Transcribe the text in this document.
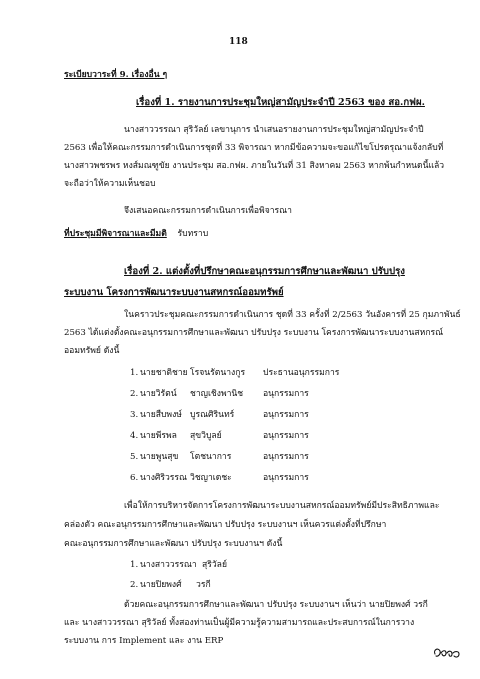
118
ระเบียบวาระที่ 9. เรื่องอื่น ๆ
เรื่องที่ 1. รายงานการประชุมใหญ่สามัญประจำปี 2563 ของ สอ.กฟผ.
นางสาววรรณา สุริวัลย์ เลขานุการ นำเสนอรายงานการประชุมใหญ่สามัญประจำปี
2563 เพื่อให้คณะกรรมการดำเนินการชุดที่ 33 พิจารณา หากมีข้อความจะขอแก้ไขโปรดรุณาแจ้งกลับที่
นางสาวพชรพร หงส์มณฑูขัย งานประชุม สอ.กฟผ. ภายในวันที่ 31 สิงหาคม 2563 หากพ้นกำหนดนี้แล้ว
จะถือว่าให้ความเห็นชอบ
จึงเสนอคณะกรรมการดำเนินการเพื่อพิจารณา
ที่ประชุมมีพิจารณาและมีมติ รับทราบ
เรื่องที่ 2. แต่งตั้งที่ปรึกษาคณะอนุกรรมการศึกษาและพัฒนา ปรับปรุง
ระบบงาน โครงการพัฒนาระบบงานสหกรณ์ออมทรัพย์
ในคราวประชุมคณะกรรมการดำเนินการ ชุดที่ 33 ครั้งที่ 2/2563 วันอังคารที่ 25 กุมภาพันธ์
2563 ได้แต่งตั้งคณะอนุกรรมการศึกษาและพัฒนา ปรับปรุง ระบบงาน โครงการพัฒนาระบบงานสหกรณ์
ออมทรัพย์ ดังนี้
1. นายชาติชาย โรจนรัตนางกูร ประธานอนุกรรมการ
2. นายวิรัตน์ ชาญเชิงพานิช อนุกรรมการ
3. นายสืบพงษ์ บูรณศิรินทร์	อนุกรรมการ
4. นายพีรพล สุขวิบูลย์	อนุกรรมการ
5. นายพูนสุข โตชนาการ	อนุกรรมการ
6. นางศิริวรรณ วิชญาเดชะ	อนุกรรมการ
เพื่อให้การบริหารจัดการโครงการพัฒนาระบบงานสหกรณ์ออมทรัพย์มีประสิทธิภาพและ
คล่องตัว คณะอนุกรรมการศึกษาและพัฒนา ปรับปรุง ระบบงานฯ เห็นควรแต่งตั้งที่ปรึกษา
คณะอนุกรรมการศึกษาและพัฒนา ปรับปรุง ระบบงานฯ ดังนี้
1. นางสาววรรณา สุริวัลย์
2. นายปิยพงศ์ วรกี
ด้วยคณะอนุกรรมการศึกษาและพัฒนา ปรับปรุง ระบบงานฯ เห็นว่า นายปิยพงศ์ วรกี
และ นางสาววรรณา สุริวัลย์ ทั้งสองท่านเป็นผู้มีความรู้ความสามารถและประสบการณ์ในการวาง
ระบบงาน การ Implement และ งาน ERP
